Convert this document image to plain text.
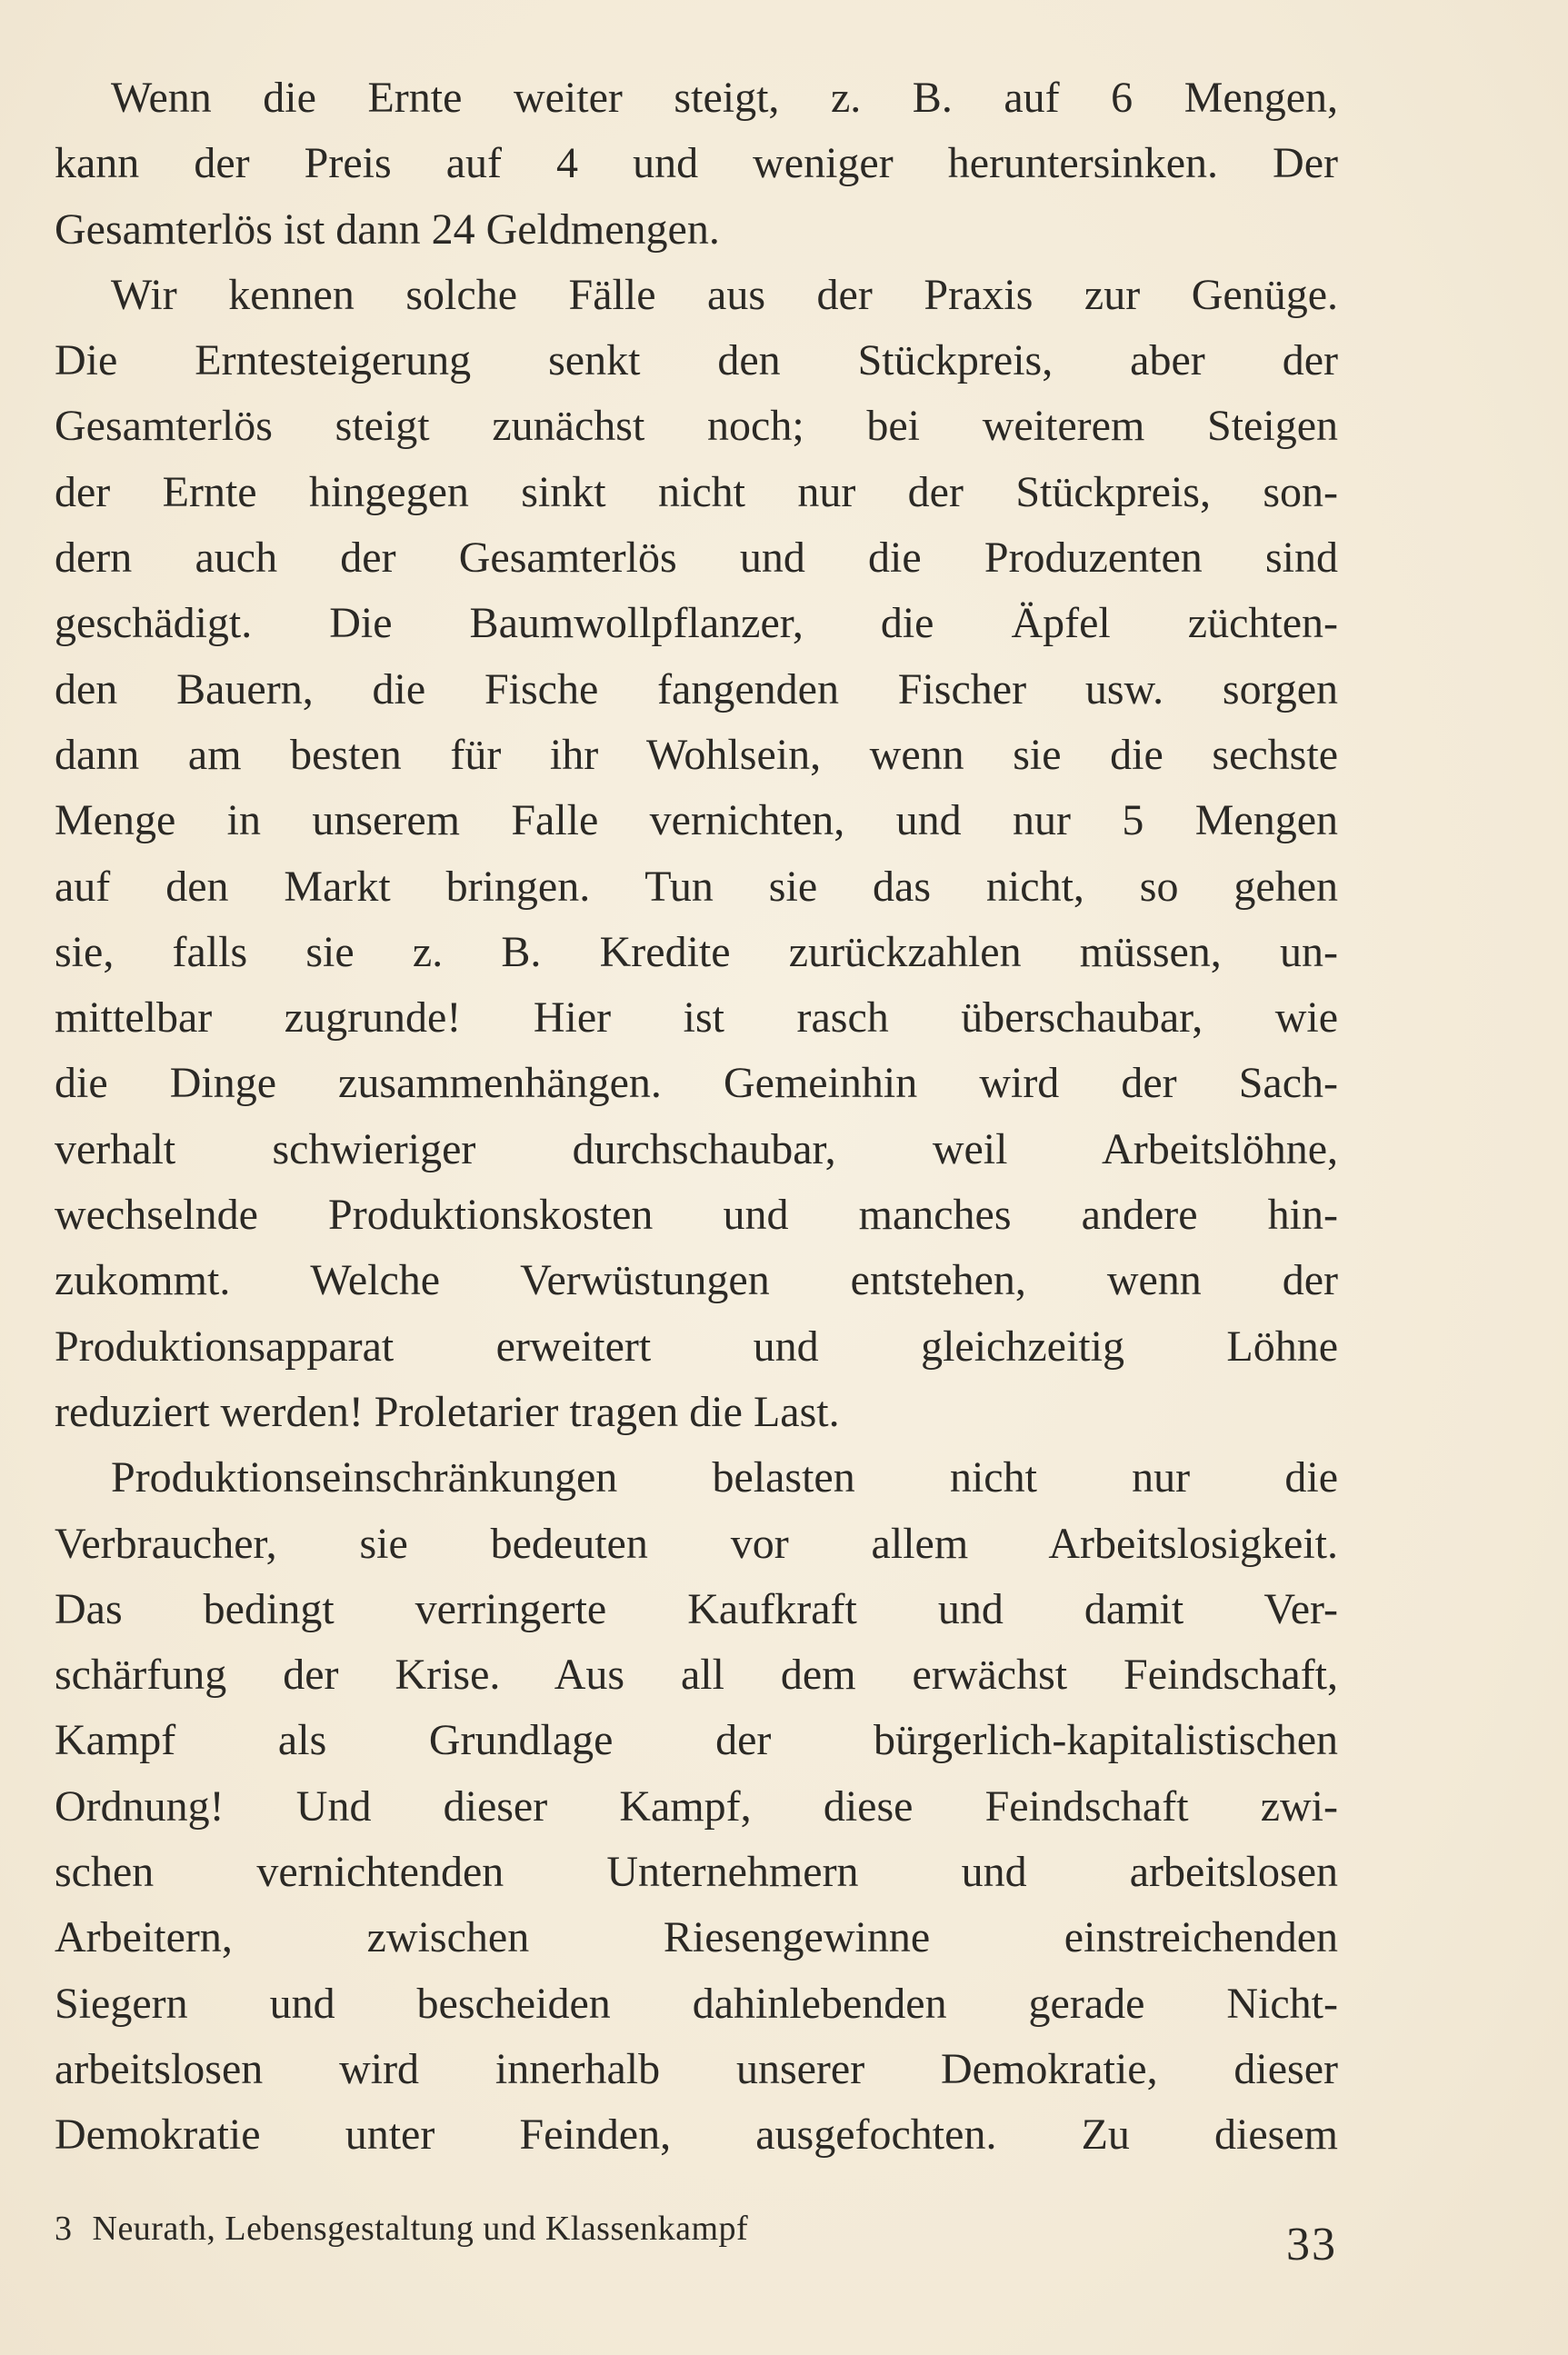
Wenn die Ernte weiter steigt, z. B. auf 6 Mengen,
kann der Preis auf 4 und weniger heruntersinken. Der
Gesamterlös ist dann 24 Geldmengen.
Wir kennen solche Fälle aus der Praxis zur Genüge.
Die Erntesteigerung senkt den Stückpreis, aber der
Gesamterlös steigt zunächst noch; bei weiterem Steigen
der Ernte hingegen sinkt nicht nur der Stückpreis, son-
dern auch der Gesamterlös und die Produzenten sind
geschädigt. Die Baumwollpflanzer, die Äpfel züchten-
den Bauern, die Fische fangenden Fischer usw. sorgen
dann am besten für ihr Wohlsein, wenn sie die sechste
Menge in unserem Falle vernichten, und nur 5 Mengen
auf den Markt bringen. Tun sie das nicht, so gehen
sie, falls sie z. B. Kredite zurückzahlen müssen, un-
mittelbar zugrunde! Hier ist rasch überschaubar, wie
die Dinge zusammenhängen. Gemeinhin wird der Sach-
verhalt schwieriger durchschaubar, weil Arbeitslöhne,
wechselnde Produktionskosten und manches andere hin-
zukommt. Welche Verwüstungen entstehen, wenn der
Produktionsapparat erweitert und gleichzeitig Löhne
reduziert werden! Proletarier tragen die Last.
Produktionseinschränkungen belasten nicht nur die
Verbraucher, sie bedeuten vor allem Arbeitslosigkeit.
Das bedingt verringerte Kaufkraft und damit Ver-
schärfung der Krise. Aus all dem erwächst Feindschaft,
Kampf als Grundlage der bürgerlich-kapitalistischen
Ordnung! Und dieser Kampf, diese Feindschaft zwi-
schen vernichtenden Unternehmern und arbeitslosen
Arbeitern, zwischen Riesengewinne einstreichenden
Siegern und bescheiden dahinlebenden gerade Nicht-
arbeitslosen wird innerhalb unserer Demokratie, dieser
Demokratie unter Feinden, ausgefochten. Zu diesem
3 Neurath, Lebensgestaltung und Klassenkampf	33
